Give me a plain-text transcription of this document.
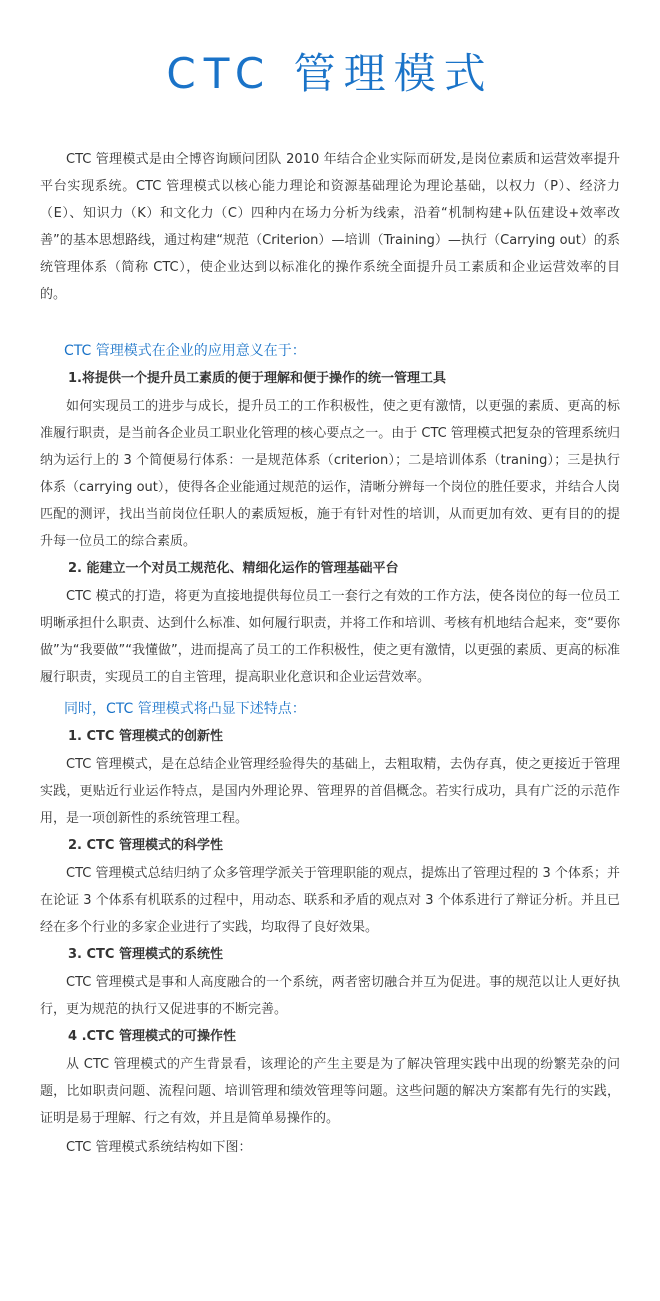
CTC 管理模式

CTC 管理模式是由仝博咨询顾问团队 2010 年结合企业实际而研发,是岗位素质和运营效率提升平台实现系统。CTC 管理模式以核心能力理论和资源基础理论为理论基础，以权力（P）、经济力（E）、知识力（K）和文化力（C）四种内在场力分析为线索，沿着“机制构建+队伍建设+效率改善”的基本思想路线，通过构建“规范（Criterion）—培训（Training）—执行（Carrying out）的系统管理体系（简称 CTC），使企业达到以标准化的操作系统全面提升员工素质和企业运营效率的目的。

CTC 管理模式在企业的应用意义在于：
1.将提供一个提升员工素质的便于理解和便于操作的统一管理工具

如何实现员工的进步与成长，提升员工的工作积极性，使之更有激情，以更强的素质、更高的标准履行职责，是当前各企业员工职业化管理的核心要点之一。由于 CTC 管理模式把复杂的管理系统归纳为运行上的 3 个简便易行体系：一是规范体系（criterion）；二是培训体系（traning）；三是执行体系（carrying out），使得各企业能通过规范的运作，清晰分辨每一个岗位的胜任要求，并结合人岗匹配的测评，找出当前岗位任职人的素质短板，施于有针对性的培训，从而更加有效、更有目的的提升每一位员工的综合素质。

2. 能建立一个对员工规范化、精细化运作的管理基础平台

CTC 模式的打造，将更为直接地提供每位员工一套行之有效的工作方法，使各岗位的每一位员工明晰承担什么职责、达到什么标准、如何履行职责，并将工作和培训、考核有机地结合起来，变“要你做”为“我要做”“我懂做”，进而提高了员工的工作积极性，使之更有激情，以更强的素质、更高的标准履行职责，实现员工的自主管理，提高职业化意识和企业运营效率。

同时，CTC 管理模式将凸显下述特点：
1. CTC 管理模式的创新性

CTC 管理模式，是在总结企业管理经验得失的基础上，去粗取精，去伪存真，使之更接近于管理实践，更贴近行业运作特点，是国内外理论界、管理界的首倡概念。若实行成功，具有广泛的示范作用，是一项创新性的系统管理工程。

2. CTC 管理模式的科学性

CTC 管理模式总结归纳了众多管理学派关于管理职能的观点，提炼出了管理过程的 3 个体系；并在论证 3 个体系有机联系的过程中，用动态、联系和矛盾的观点对 3 个体系进行了辩证分析。并且已经在多个行业的多家企业进行了实践，均取得了良好效果。

3. CTC 管理模式的系统性

CTC 管理模式是事和人高度融合的一个系统，两者密切融合并互为促进。事的规范以让人更好执行，更为规范的执行又促进事的不断完善。

4 .CTC 管理模式的可操作性

从 CTC 管理模式的产生背景看，该理论的产生主要是为了解决管理实践中出现的纷繁芜杂的问题，比如职责问题、流程问题、培训管理和绩效管理等问题。这些问题的解决方案都有先行的实践，证明是易于理解、行之有效，并且是简单易操作的。

CTC 管理模式系统结构如下图：
